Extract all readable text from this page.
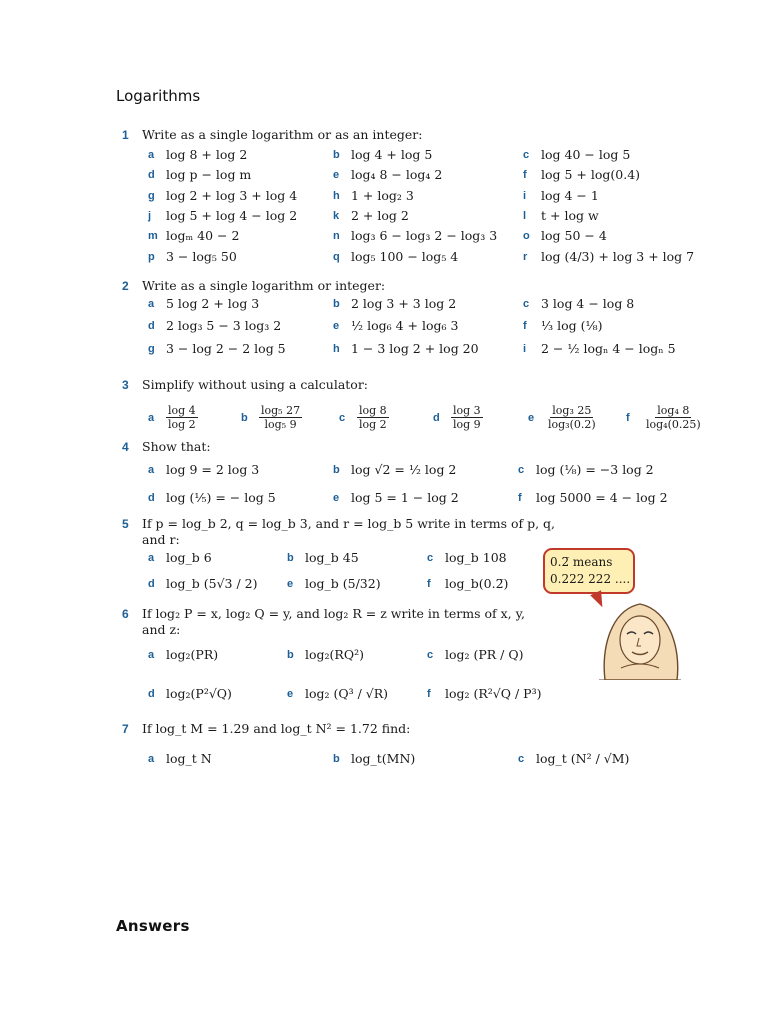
Logarithms
1 Write as a single logarithm or as an integer:
a log 8 + log 2	b log 4 + log 5	c log 40 − log 5
d log p − log m	e log₄ 8 − log₄ 2	f	log 5 + log(0.4)
g log 2 + log 3 + log 4	h 1 + log₂ 3	i	log 4 − 1
j	log 5 + log 4 − log 2	k 2 + log 2	l	t + log w
m logₘ 40 − 2	n log₃ 6 − log₃ 2 − log₃ 3 o log 50 − 4
p 3 − log₅ 50	q log₅ 100 − log₅ 4	r	log (4/3) + log 3 + log 7
2 Write as a single logarithm or integer:
a 5 log 2 + log 3	b 2 log 3 + 3 log 2	c 3 log 4 − log 8
d 2 log₃ 5 − 3 log₃ 2	e ½ log₆ 4 + log₆ 3	f	⅓ log (⅛)
g 3 − log 2 − 2 log 5	h 1 − 3 log 2 + log 20	i	2 − ½ logₙ 4 − logₙ 5
3 Simplify without using a calculator:
a	$\frac{\log 4}{\log 2}$	b	$\frac{\text{log₅ 27}}{\text{log₅ 9}}$	c	$\frac{\log 8}{\log 2}$	d	$\frac{\log 3}{\log 9}$	e	$\frac{\text{log₃ 25}}{\text{log₃(0.2)}}$	f	$\frac{\text{log₄ 8}}{\text{log₄(0.25)}}$
4 Show that:
a log 9 = 2 log 3	b log √2 = ½ log 2	c log (⅛) = −3 log 2
d log (⅕) = − log 5	e log 5 = 1 − log 2	f	log 5000 = 4 − log 2
5 If p = log_b 2, q = log_b 3, and r = log_b 5 write in terms of p, q,
and r:
a log_b 6	b log_b 45	c log_b 108
d log_b (5√3 / 2)	e log_b (5/32)	f	log_b(0.2̅)
6 If log₂ P = x, log₂ Q = y, and log₂ R = z write in terms of x, y,
and z:
a log₂(PR)	b log₂(RQ²)	c log₂ (PR / Q)
d log₂(P²√Q)	e log₂ (Q³ / √R)	f	log₂ (R²√Q / P³)
7 If log_t M = 1.29 and log_t N² = 1.72 find:
a log_t N	b log_t(MN)	c log_t (N² / √M)
0.2̅ means
0.222 222 ....
Answers
